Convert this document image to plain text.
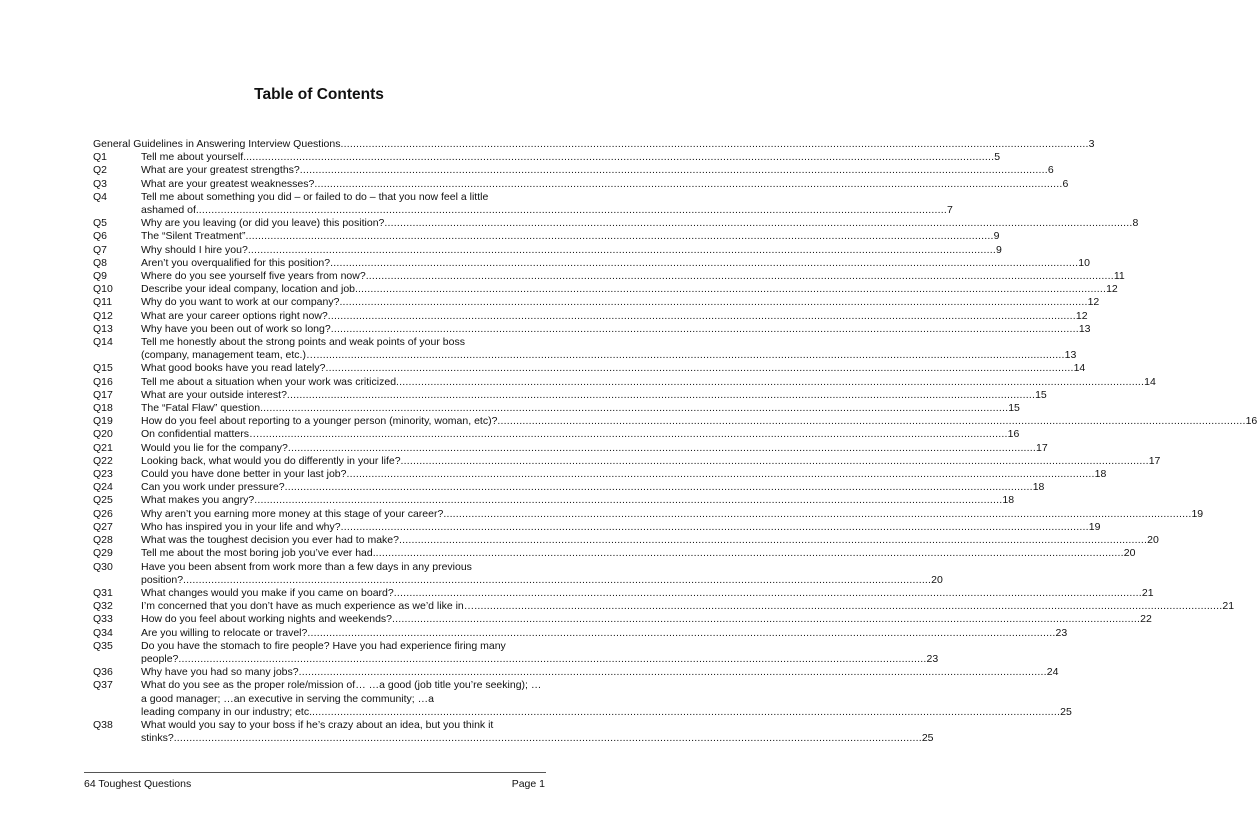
Table of Contents
General Guidelines in Answering Interview Questions .....	3
Q1	Tell me about yourself. .....	5
Q2	What are your greatest strengths? .....	6
Q3	What are your greatest weaknesses? .....	6
Q4	Tell me about something you did – or failed to do – that you now feel a little
ashamed of. .....	7
Q5	Why are you leaving (or did you leave) this position? .....	8
Q6	The “Silent Treatment” .....	9
Q7	Why should I hire you? .....	9
Q8	Aren’t you overqualified for this position? .....	10
Q9	Where do you see yourself five years from now? .....	11
Q10	Describe your ideal company, location and job. .....	12
Q11	Why do you want to work at our company? .....	12
Q12	What are your career options right now? .....	12
Q13	Why have you been out of work so long? .....	13
Q14	Tell me honestly about the strong points and weak points of your boss
(company, management team, etc.)… .....	13
Q15	What good books have you read lately? .....	14
Q16	Tell me about a situation when your work was criticized .....	14
Q17	What are your outside interest? .....	15
Q18	The “Fatal Flaw” question .....	15
Q19	How do you feel about reporting to a younger person (minority, woman, etc)? .....	16
Q20	On confidential matters… .....	16
Q21	Would you lie for the company? .....	17
Q22	Looking back, what would you do differently in your life? .....	17
Q23	Could you have done better in your last job? .....	18
Q24	Can you work under pressure? .....	18
Q25	What makes you angry? .....	18
Q26	Why aren’t you earning more money at this stage of your career? .....	19
Q27	Who has inspired you in your life and why? .....	19
Q28	What was the toughest decision you ever had to make? .....	20
Q29	Tell me about the most boring job you’ve ever had. .....	20
Q30	Have you been absent from work more than a few days in any previous
position? .....	20
Q31	What changes would you make if you came on board? .....	21
Q32	I’m concerned that you don’t have as much experience as we’d like in… .....	21
Q33	How do you feel about working nights and weekends? .....	22
Q34	Are you willing to relocate or travel? .....	23
Q35	Do you have the stomach to fire people? Have you had experience firing many
people? .....	23
Q36	Why have you had so many jobs? .....	24
Q37	What do you see as the proper role/mission of… …a good (job title you’re seeking); …a good manager; …an executive in serving the community; …a
leading company in our industry; etc. .....	25
Q38	What would you say to your boss if he’s crazy about an idea, but you think it
stinks? .....	25
64 Toughest Questions	Page 1
